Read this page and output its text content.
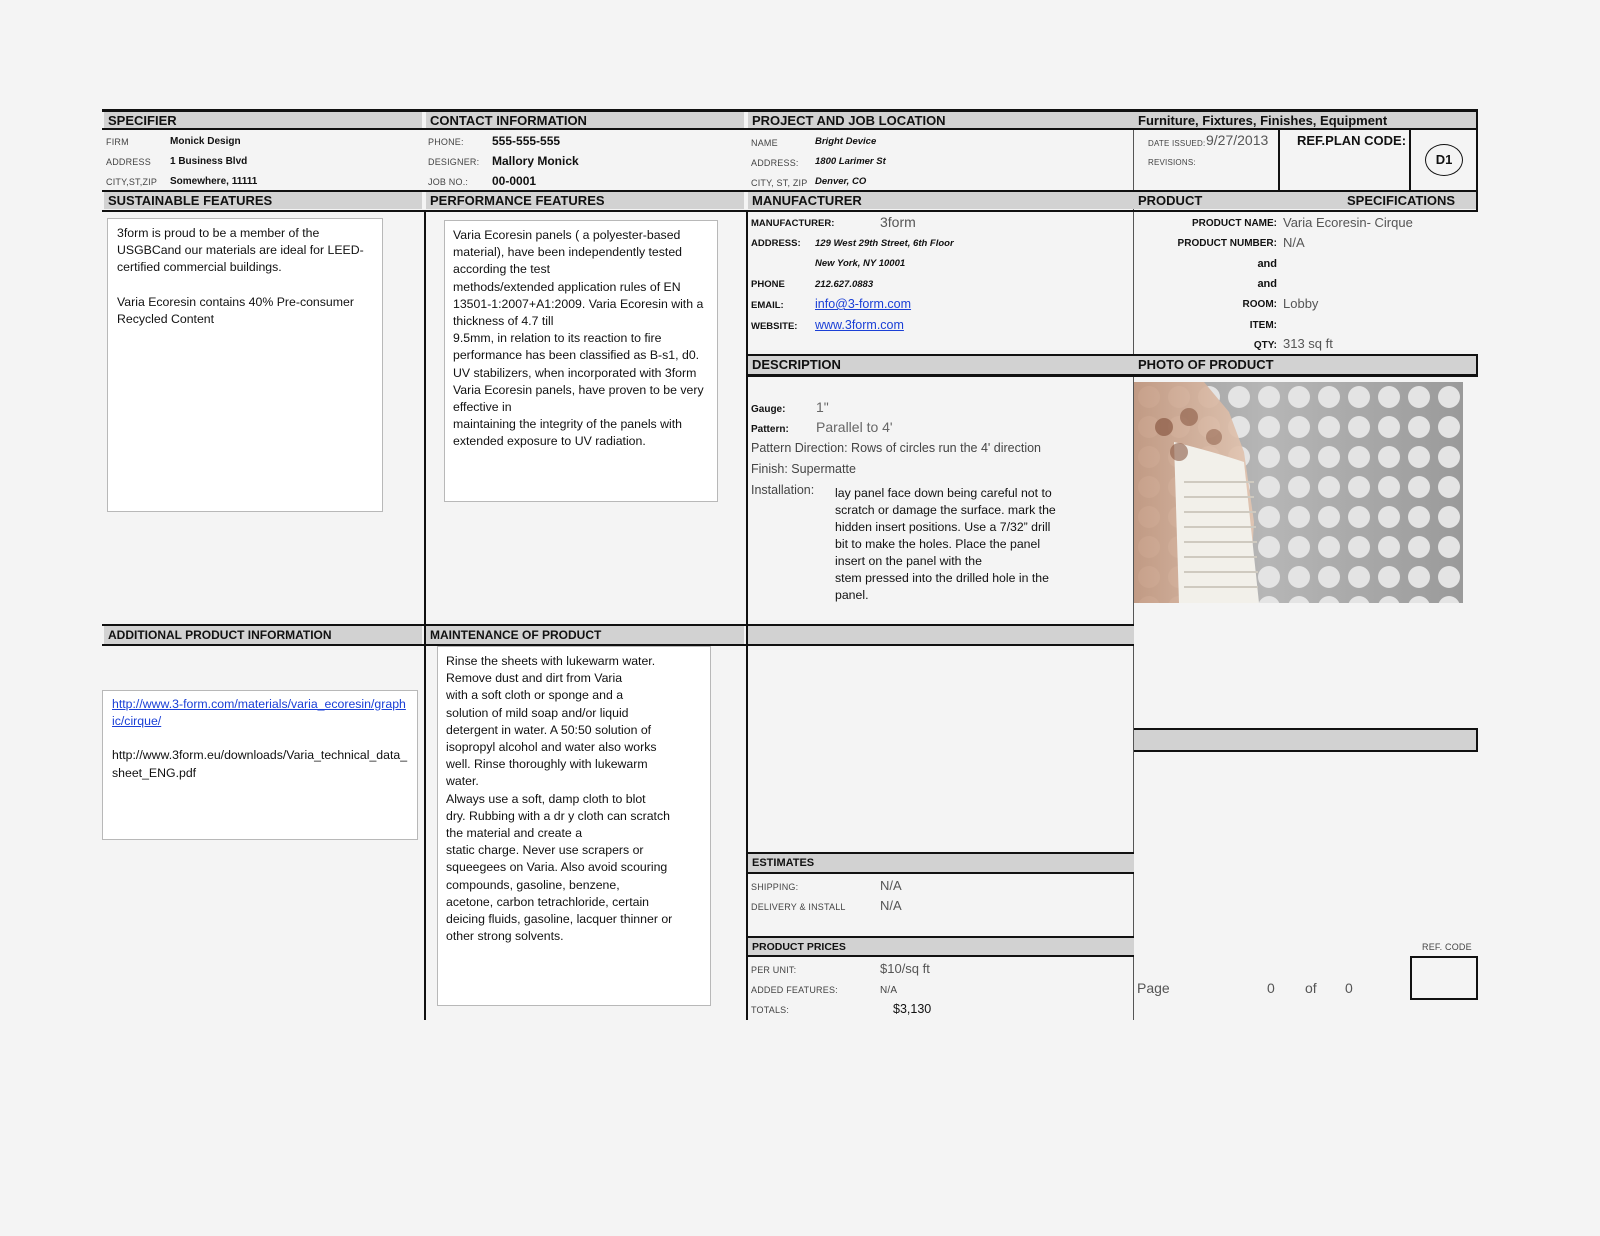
SPECIFIER	CONTACT INFORMATION	PROJECT AND JOB LOCATION	Furniture, Fixtures, Finishes, Equipment
FIRM	Monick Design
ADDRESS 1 Business Blvd
CITY,ST,ZIP Somewhere, 11111
PHONE: 555-555-555
DESIGNER: Mallory Monick
JOB NO.: 00-0001
NAME	Bright Device
ADDRESS: 1800 Larimer St
CITY, ST, ZIP Denver, CO
DATE ISSUED: 9/27/2013
REVISIONS:
REF.PLAN CODE:
D1
SUSTAINABLE FEATURES	PERFORMANCE FEATURES	MANUFACTURER	PRODUCT	SPECIFICATIONS
3form is proud to be a member of the USGBCand our materials are ideal for LEED-certified commercial buildings.

Varia Ecoresin contains 40% Pre-consumer Recycled Content
Varia Ecoresin panels ( a polyester-based material), have been independently tested according the test
methods/extended application rules of EN 13501-1:2007+A1:2009. Varia Ecoresin with a thickness of 4.7 till
9.5mm, in relation to its reaction to fire performance has been classified as B-s1, d0.
UV stabilizers, when incorporated with 3form Varia Ecoresin panels, have proven to be very effective in
maintaining the integrity of the panels with extended exposure to UV radiation.
MANUFACTURER:	3form
ADDRESS: 129 West 29th Street, 6th Floor
New York, NY 10001
PHONE	212.627.0883
EMAIL:	info@3-form.com
WEBSITE: www.3form.com
PRODUCT NAME: Varia Ecoresin- Cirque
PRODUCT NUMBER: N/A
and
and
ROOM: Lobby
ITEM:
QTY: 313 sq ft
DESCRIPTION	PHOTO OF PRODUCT
Gauge: 1"
Pattern: Parallel to 4'
Pattern Direction: Rows of circles run the 4' direction
Finish: Supermatte
Installation: lay panel face down being careful not to
scratch or damage the surface. mark the
hidden insert positions. Use a 7/32” drill
bit to make the holes. Place the panel
insert on the panel with the
stem pressed into the drilled hole in the
panel.
ADDITIONAL PRODUCT INFORMATION	MAINTENANCE OF PRODUCT
http://www.3-form.com/materials/varia_ecoresin/graphic/cirque/
http://www.3form.eu/downloads/Varia_technical_data_sheet_ENG.pdf
Rinse the sheets with lukewarm water.
Remove dust and dirt from Varia
with a soft cloth or sponge and a
solution of mild soap and/or liquid
detergent in water. A 50:50 solution of
isopropyl alcohol and water also works
well. Rinse thoroughly with lukewarm
water.
Always use a soft, damp cloth to blot
dry. Rubbing with a dr y cloth can scratch
the material and create a
static charge. Never use scrapers or
squeegees on Varia. Also avoid scouring
compounds, gasoline, benzene,
acetone, carbon tetrachloride, certain
deicing fluids, gasoline, lacquer thinner or
other strong solvents.
ESTIMATES
SHIPPING:	N/A
DELIVERY & INSTALL	N/A
PRODUCT PRICES
PER UNIT:	$10/sq ft
ADDED FEATURES:	N/A
TOTALS:	$3,130
Page	0 of 0
REF. CODE
